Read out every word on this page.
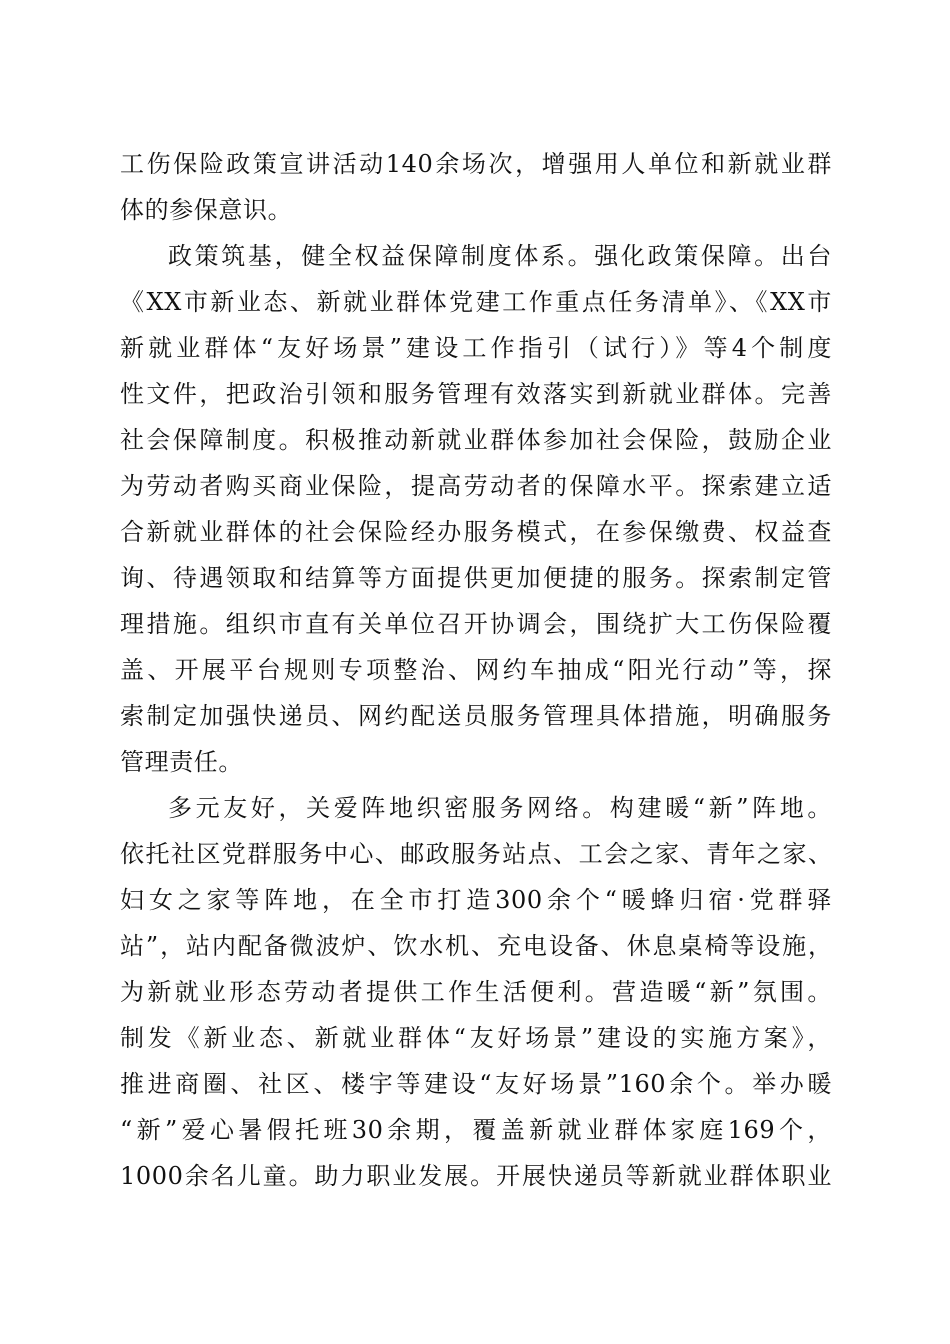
工伤保险政策宣讲活动140余场次，增强用人单位和新就业群
体的参保意识。
政策筑基，健全权益保障制度体系。强化政策保障。出台
《XX市新业态、新就业群体党建工作重点任务清单》、《XX市
新就业群体“友好场景”建设工作指引（试行）》等4个制度
性文件，把政治引领和服务管理有效落实到新就业群体。完善
社会保障制度。积极推动新就业群体参加社会保险，鼓励企业
为劳动者购买商业保险，提高劳动者的保障水平。探索建立适
合新就业群体的社会保险经办服务模式，在参保缴费、权益查
询、待遇领取和结算等方面提供更加便捷的服务。探索制定管
理措施。组织市直有关单位召开协调会，围绕扩大工伤保险覆
盖、开展平台规则专项整治、网约车抽成“阳光行动”等，探
索制定加强快递员、网约配送员服务管理具体措施，明确服务
管理责任。
多元友好，关爱阵地织密服务网络。构建暖“新”阵地。
依托社区党群服务中心、邮政服务站点、工会之家、青年之家、
妇女之家等阵地，在全市打造300余个“暖蜂归宿·党群驿
站”，站内配备微波炉、饮水机、充电设备、休息桌椅等设施，
为新就业形态劳动者提供工作生活便利。营造暖“新”氛围。
制发《新业态、新就业群体“友好场景”建设的实施方案》，
推进商圈、社区、楼宇等建设“友好场景”160余个。举办暖
“新”爱心暑假托班30余期，覆盖新就业群体家庭169个，
1000余名儿童。助力职业发展。开展快递员等新就业群体职业
